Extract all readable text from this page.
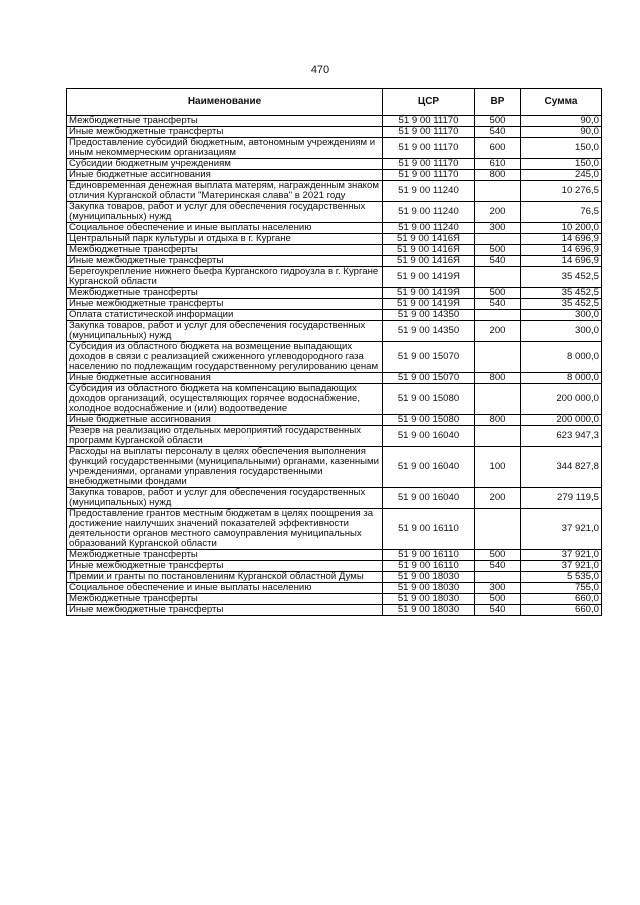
470
Наименование	ЦСР	ВР	Сумма
Межбюджетные трансферты	51 9 00 11170	500	90,0
Иные межбюджетные трансферты	51 9 00 11170	540	90,0
Предоставление субсидий бюджетным, автономным учреждениям и иным некоммерческим организациям	51 9 00 11170	600	150,0
Субсидии бюджетным учреждениям	51 9 00 11170	610	150,0
Иные бюджетные ассигнования	51 9 00 11170	800	245,0
Единовременная денежная выплата матерям, награжденным знаком отличия Курганской области "Материнская слава" в 2021 году	51 9 00 11240		10 276,5
Закупка товаров, работ и услуг для обеспечения государственных (муниципальных) нужд	51 9 00 11240	200	76,5
Социальное обеспечение и иные выплаты населению	51 9 00 11240	300	10 200,0
Центральный парк культуры и отдыха в г. Кургане	51 9 00 1416Я		14 696,9
Межбюджетные трансферты	51 9 00 1416Я	500	14 696,9
Иные межбюджетные трансферты	51 9 00 1416Я	540	14 696,9
Берегоукрепление нижнего бьефа Курганского гидроузла в г. Кургане Курганской области	51 9 00 1419Я		35 452,5
Межбюджетные трансферты	51 9 00 1419Я	500	35 452,5
Иные межбюджетные трансферты	51 9 00 1419Я	540	35 452,5
Оплата статистической информации	51 9 00 14350		300,0
Закупка товаров, работ и услуг для обеспечения государственных (муниципальных) нужд	51 9 00 14350	200	300,0
Субсидия из областного бюджета на возмещение выпадающих доходов в связи с реализацией сжиженного углеводородного газа населению по подлежащим государственному регулированию ценам	51 9 00 15070		8 000,0
Иные бюджетные ассигнования	51 9 00 15070	800	8 000,0
Субсидия из областного бюджета на компенсацию выпадающих доходов организаций, осуществляющих горячее водоснабжение, холодное водоснабжение и (или) водоотведение	51 9 00 15080		200 000,0
Иные бюджетные ассигнования	51 9 00 15080	800	200 000,0
Резерв на реализацию отдельных мероприятий государственных программ Курганской области	51 9 00 16040		623 947,3
Расходы на выплаты персоналу в целях обеспечения выполнения функций государственными (муниципальными) органами, казенными учреждениями, органами управления государственными внебюджетными фондами	51 9 00 16040	100	344 827,8
Закупка товаров, работ и услуг для обеспечения государственных (муниципальных) нужд	51 9 00 16040	200	279 119,5
Предоставление грантов местным бюджетам в целях поощрения за достижение наилучших значений показателей эффективности деятельности органов местного самоуправления муниципальных образований Курганской области	51 9 00 16110		37 921,0
Межбюджетные трансферты	51 9 00 16110	500	37 921,0
Иные межбюджетные трансферты	51 9 00 16110	540	37 921,0
Премии и гранты по постановлениям Курганской областной Думы	51 9 00 18030		5 535,0
Социальное обеспечение и иные выплаты населению	51 9 00 18030	300	755,0
Межбюджетные трансферты	51 9 00 18030	500	660,0
Иные межбюджетные трансферты	51 9 00 18030	540	660,0
